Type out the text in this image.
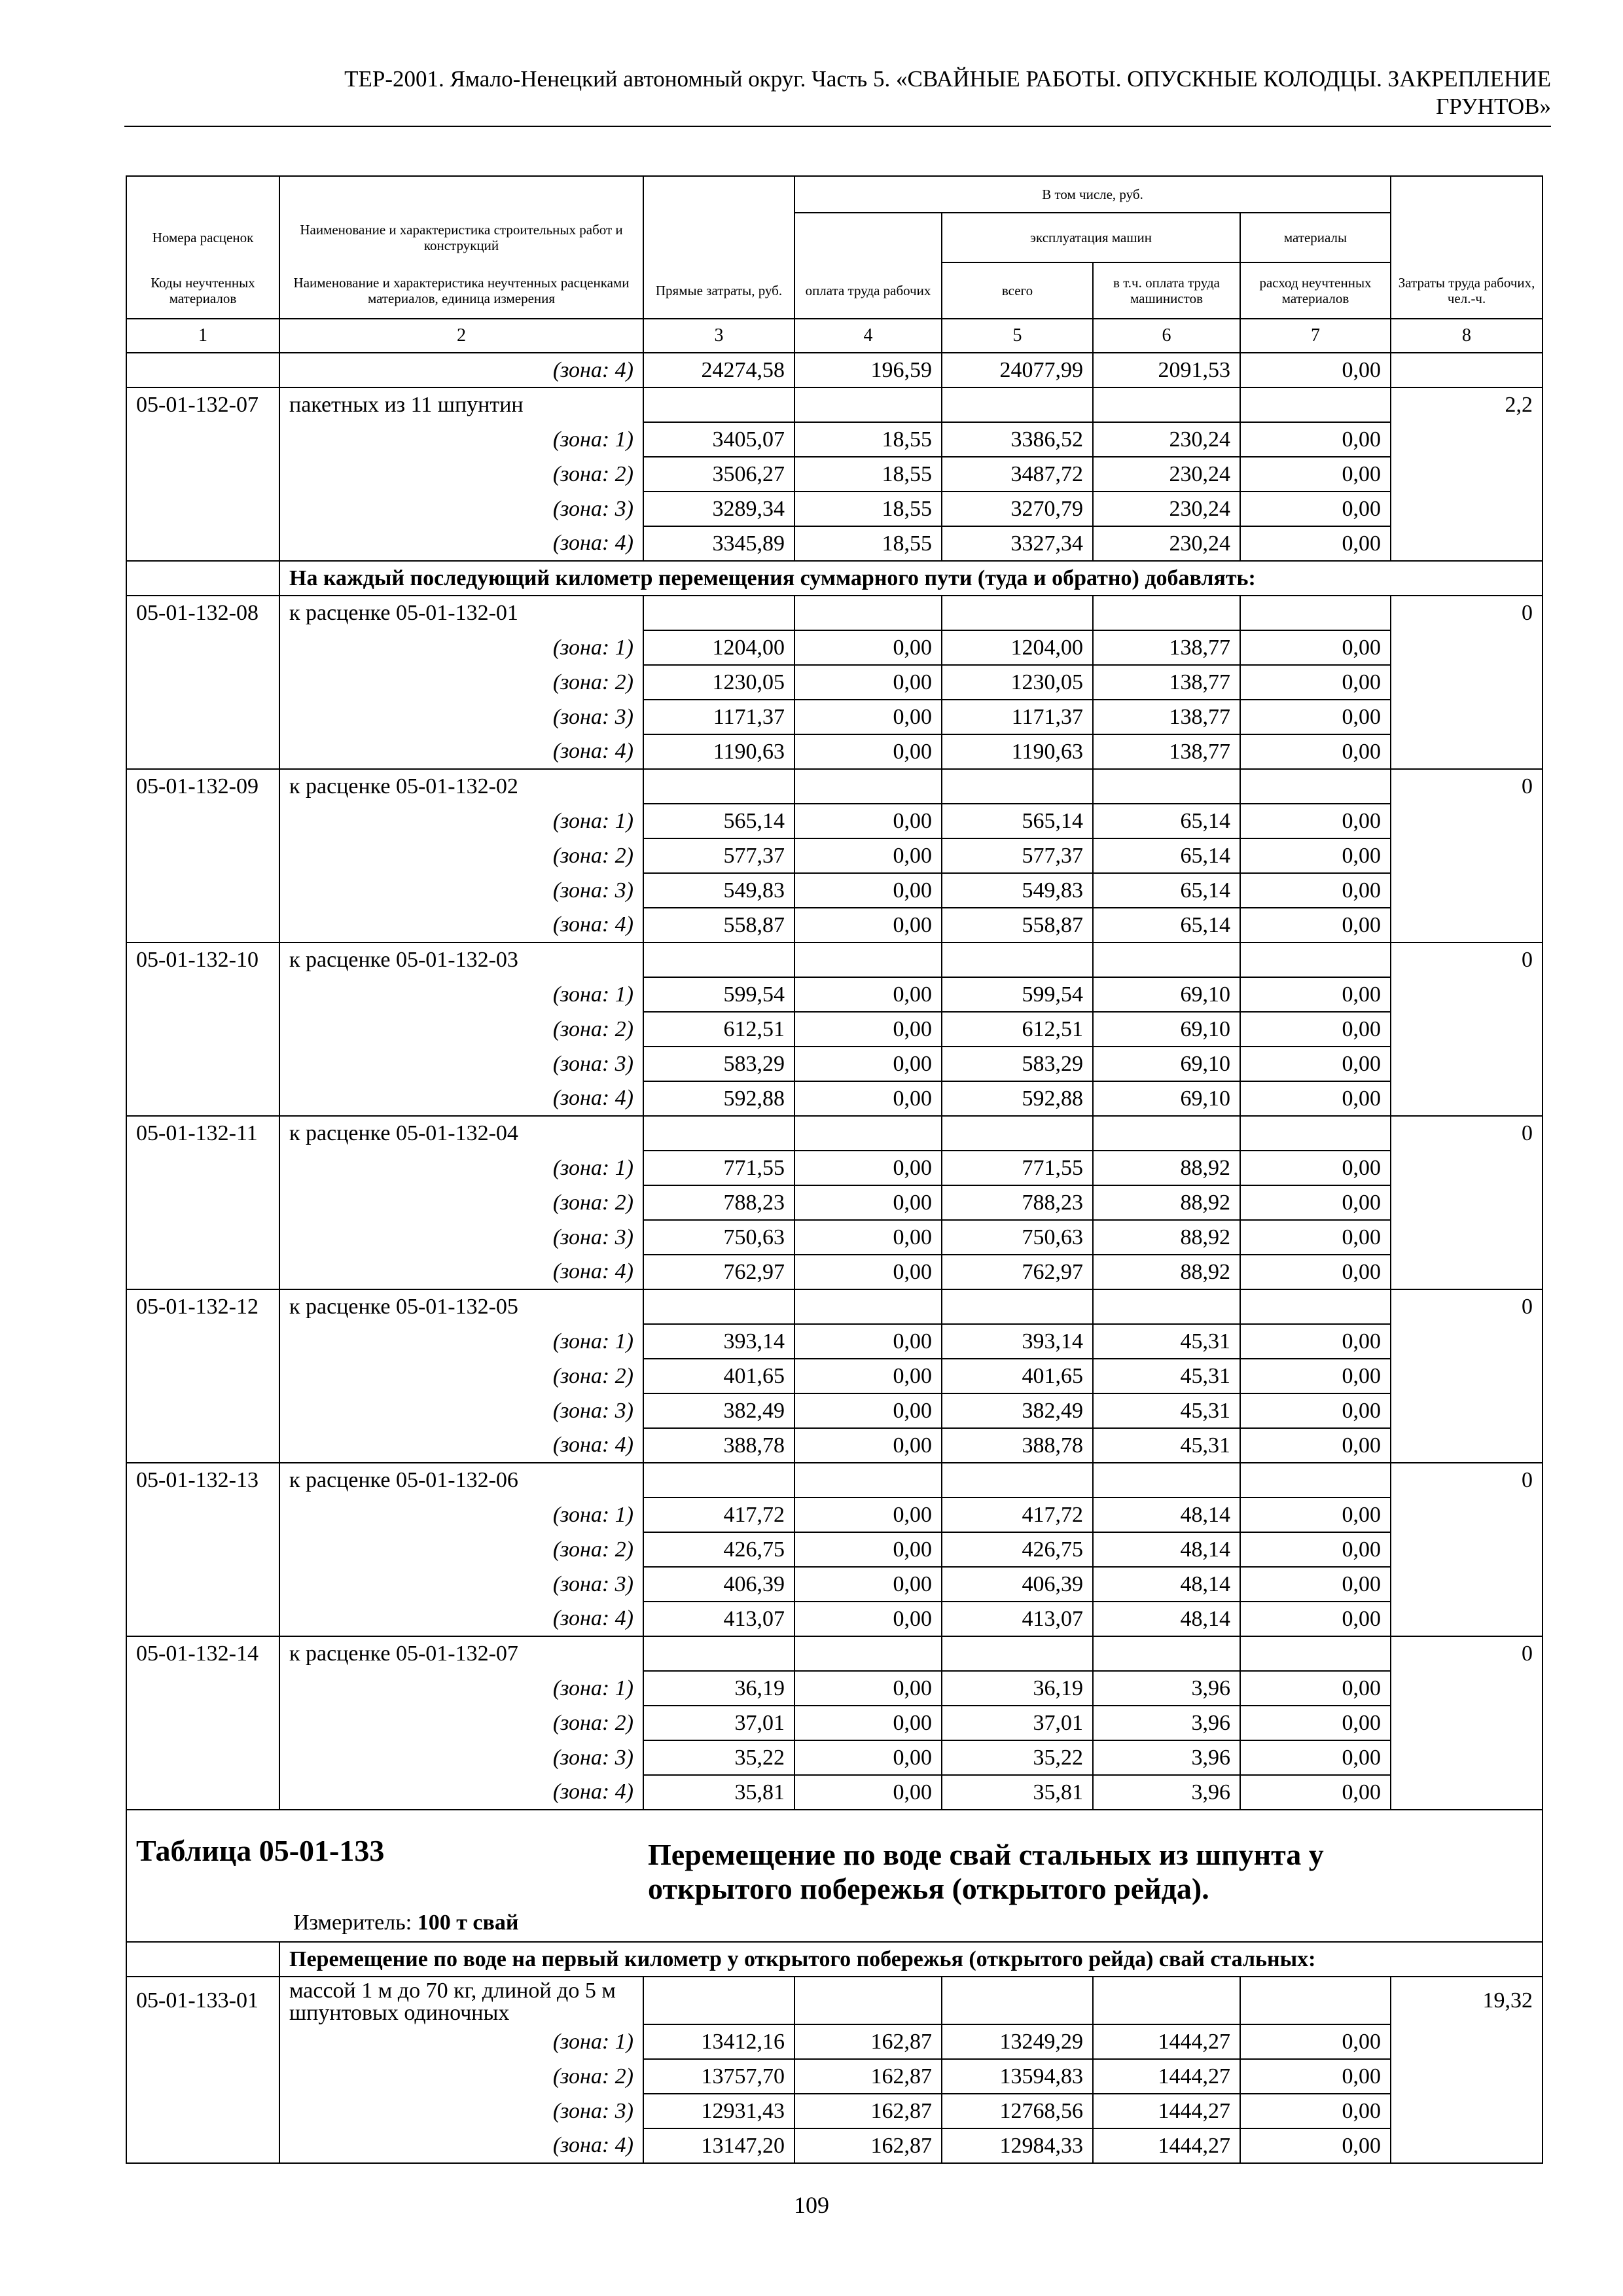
ТЕР-2001. Ямало-Ненецкий автономный округ. Часть 5. «СВАЙНЫЕ РАБОТЫ. ОПУСКНЫЕ КОЛОДЦЫ. ЗАКРЕПЛЕНИЕ
ГРУНТОВ»
			В том числе, руб.				
Номера расценок	Наименование и характеристика строительных работ и конструкций			эксплуатация машин		материалы	
Коды неучтенных материалов	Наименование и характеристика неучтенных расценками материалов, единица измерения	Прямые затраты, руб.	оплата труда рабочих	всего	в т.ч. оплата труда машинистов	расход неучтенных материалов	Затраты труда рабочих, чел.-ч.
1	2	3	4	5	6	7	8
	(зона: 4)	24274,58	196,59	24077,99	2091,53	0,00	
05-01-132-07	пакетных из 11 шпунтин						2,2
	(зона: 1)	3405,07	18,55	3386,52	230,24	0,00	
	(зона: 2)	3506,27	18,55	3487,72	230,24	0,00	
	(зона: 3)	3289,34	18,55	3270,79	230,24	0,00	
	(зона: 4)	3345,89	18,55	3327,34	230,24	0,00	
	На каждый последующий километр перемещения суммарного пути (туда и обратно) добавлять:						
05-01-132-08	к расценке 05-01-132-01						0
	(зона: 1)	1204,00	0,00	1204,00	138,77	0,00	
	(зона: 2)	1230,05	0,00	1230,05	138,77	0,00	
	(зона: 3)	1171,37	0,00	1171,37	138,77	0,00	
	(зона: 4)	1190,63	0,00	1190,63	138,77	0,00	
05-01-132-09	к расценке 05-01-132-02						0
	(зона: 1)	565,14	0,00	565,14	65,14	0,00	
	(зона: 2)	577,37	0,00	577,37	65,14	0,00	
	(зона: 3)	549,83	0,00	549,83	65,14	0,00	
	(зона: 4)	558,87	0,00	558,87	65,14	0,00	
05-01-132-10	к расценке 05-01-132-03						0
	(зона: 1)	599,54	0,00	599,54	69,10	0,00	
	(зона: 2)	612,51	0,00	612,51	69,10	0,00	
	(зона: 3)	583,29	0,00	583,29	69,10	0,00	
	(зона: 4)	592,88	0,00	592,88	69,10	0,00	
05-01-132-11	к расценке 05-01-132-04						0
	(зона: 1)	771,55	0,00	771,55	88,92	0,00	
	(зона: 2)	788,23	0,00	788,23	88,92	0,00	
	(зона: 3)	750,63	0,00	750,63	88,92	0,00	
	(зона: 4)	762,97	0,00	762,97	88,92	0,00	
05-01-132-12	к расценке 05-01-132-05						0
	(зона: 1)	393,14	0,00	393,14	45,31	0,00	
	(зона: 2)	401,65	0,00	401,65	45,31	0,00	
	(зона: 3)	382,49	0,00	382,49	45,31	0,00	
	(зона: 4)	388,78	0,00	388,78	45,31	0,00	
05-01-132-13	к расценке 05-01-132-06						0
	(зона: 1)	417,72	0,00	417,72	48,14	0,00	
	(зона: 2)	426,75	0,00	426,75	48,14	0,00	
	(зона: 3)	406,39	0,00	406,39	48,14	0,00	
	(зона: 4)	413,07	0,00	413,07	48,14	0,00	
05-01-132-14	к расценке 05-01-132-07						0
	(зона: 1)	36,19	0,00	36,19	3,96	0,00	
	(зона: 2)	37,01	0,00	37,01	3,96	0,00	
	(зона: 3)	35,22	0,00	35,22	3,96	0,00	
	(зона: 4)	35,81	0,00	35,81	3,96	0,00	

Таблица 05-01-133 Перемещение по воде свай стальных из шпунта у открытого побережья (открытого рейда).
Измеритель: 100 т свай							

	Перемещение по воде на первый километр у открытого побережья (открытого рейда) свай стальных:						
05-01-133-01	массой 1 м до 70 кг, длиной до 5 м шпунтовых одиночных						19,32
	(зона: 1)	13412,16	162,87	13249,29	1444,27	0,00	
	(зона: 2)	13757,70	162,87	13594,83	1444,27	0,00	
	(зона: 3)	12931,43	162,87	12768,56	1444,27	0,00	
	(зона: 4)	13147,20	162,87	12984,33	1444,27	0,00	
109
